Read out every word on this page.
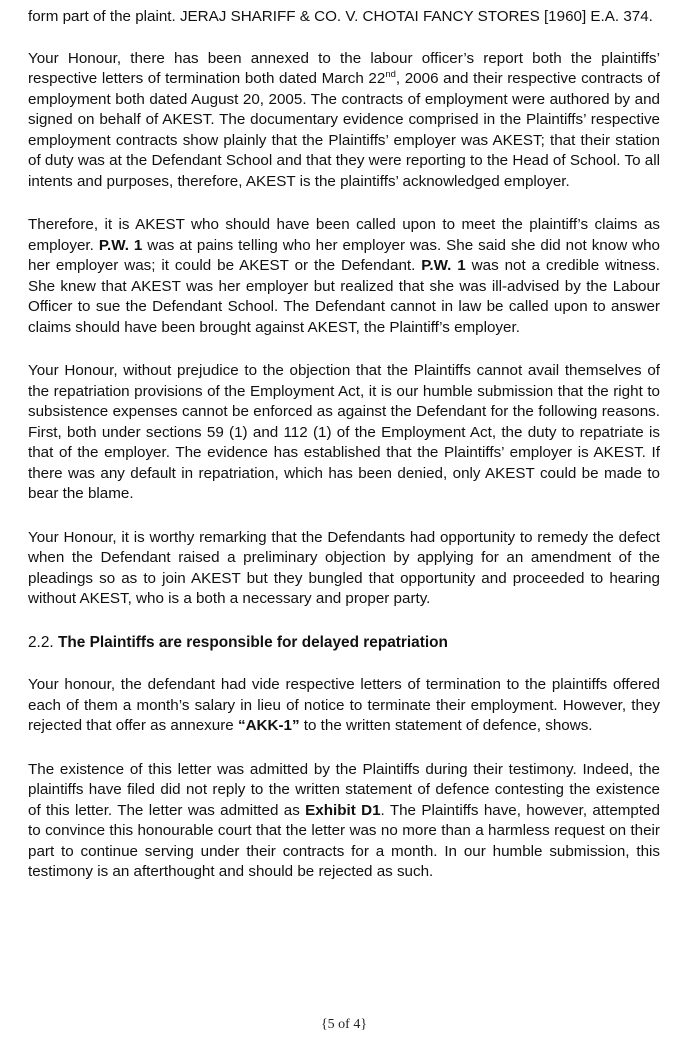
form part of the plaint. JERAJ SHARIFF & CO. V. CHOTAI FANCY STORES [1960] E.A. 374.

Your Honour, there has been annexed to the labour officer’s report both the plaintiffs’ respective letters of termination both dated March 22nd, 2006 and their respective contracts of employment both dated August 20, 2005. The contracts of employment were authored by and signed on behalf of AKEST. The documentary evidence comprised in the Plaintiffs’ respective employment contracts show plainly that the Plaintiffs’ employer was AKEST; that their station of duty was at the Defendant School and that they were reporting to the Head of School. To all intents and purposes, therefore, AKEST is the plaintiffs’ acknowledged employer.

Therefore, it is AKEST who should have been called upon to meet the plaintiff’s claims as employer. P.W. 1 was at pains telling who her employer was. She said she did not know who her employer was; it could be AKEST or the Defendant. P.W. 1 was not a credible witness. She knew that AKEST was her employer but realized that she was ill-advised by the Labour Officer to sue the Defendant School. The Defendant cannot in law be called upon to answer claims should have been brought against AKEST, the Plaintiff’s employer.

Your Honour, without prejudice to the objection that the Plaintiffs cannot avail themselves of the repatriation provisions of the Employment Act, it is our humble submission that the right to subsistence expenses cannot be enforced as against the Defendant for the following reasons. First, both under sections 59 (1) and 112 (1) of the Employment Act, the duty to repatriate is that of the employer. The evidence has established that the Plaintiffs’ employer is AKEST. If there was any default in repatriation, which has been denied, only AKEST could be made to bear the blame.

Your Honour, it is worthy remarking that the Defendants had opportunity to remedy the defect when the Defendant raised a preliminary objection by applying for an amendment of the pleadings so as to join AKEST but they bungled that opportunity and proceeded to hearing without AKEST, who is a both a necessary and proper party.

2.2. The Plaintiffs are responsible for delayed repatriation

Your honour, the defendant had vide respective letters of termination to the plaintiffs offered each of them a month’s salary in lieu of notice to terminate their employment. However, they rejected that offer as annexure “AKK-1” to the written statement of defence, shows.

The existence of this letter was admitted by the Plaintiffs during their testimony. Indeed, the plaintiffs have filed did not reply to the written statement of defence contesting the existence of this letter. The letter was admitted as Exhibit D1. The Plaintiffs have, however, attempted to convince this honourable court that the letter was no more than a harmless request on their part to continue serving under their contracts for a month. In our humble submission, this testimony is an afterthought and should be rejected as such.

{5 of 4}
